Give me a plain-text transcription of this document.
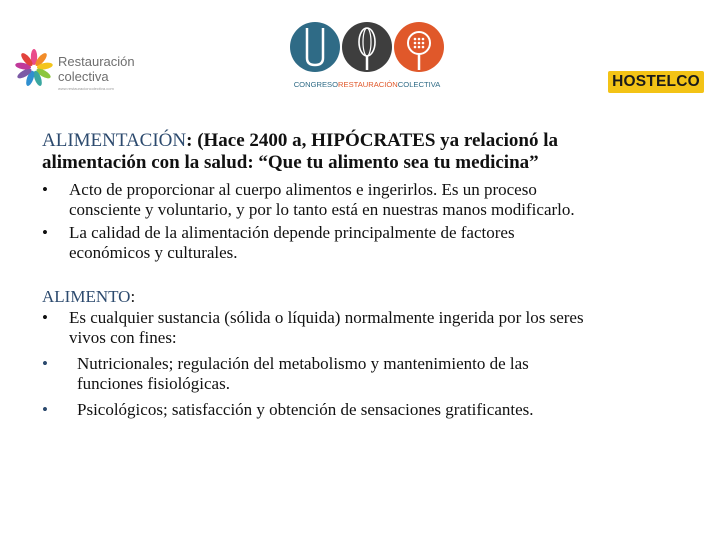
Restauración
colectiva
www.restauracioncolectiva.com	CONGRESORESTAURACIÓNCOLECTIVA	HOSTELCO
ALIMENTACIÓN: (Hace 2400 a, HIPÓCRATES ya relacionó la
alimentación con la salud: “Que tu alimento sea tu medicina”
• Acto de proporcionar al cuerpo alimentos e ingerirlos. Es un proceso
consciente y voluntario, y por lo tanto está en nuestras manos modificarlo.
• La calidad de la alimentación depende principalmente de factores
económicos y culturales.
ALIMENTO:
• Es cualquier sustancia (sólida o líquida) normalmente ingerida por los seres
vivos con fines:
• Nutricionales; regulación del metabolismo y mantenimiento de las
funciones fisiológicas.
• Psicológicos; satisfacción y obtención de sensaciones gratificantes.
